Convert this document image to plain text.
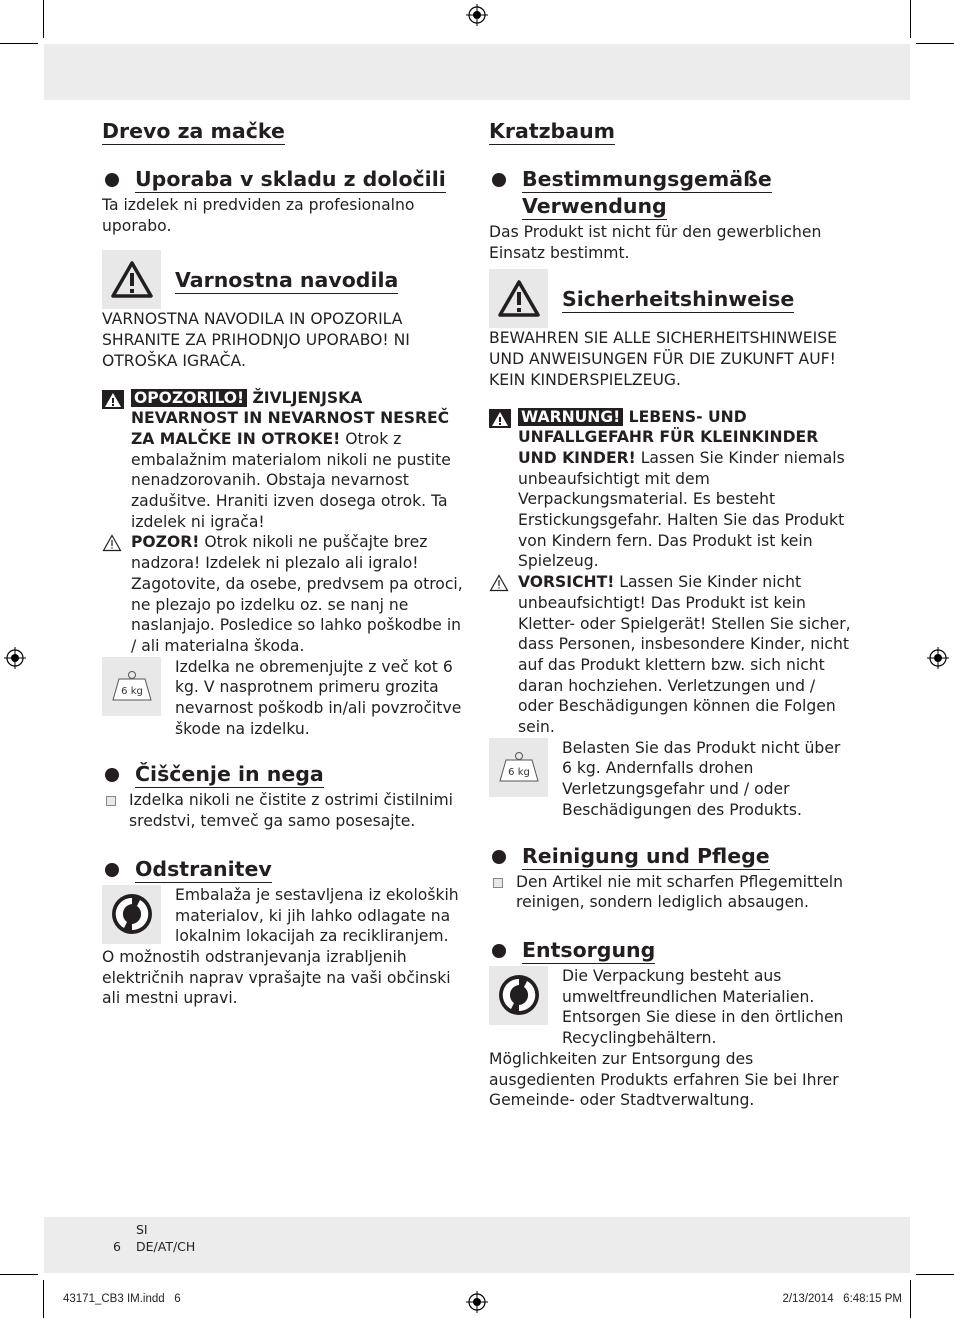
Drevo za mačke
Uporaba v skladu z določili

Ta izdelek ni predviden za profesionalno uporabo.

Varnostna navodila

VARNOSTNA NAVODILA IN OPOZORILA SHRANITE ZA PRIHODNJO UPORABO! NI OTROŠKA IGRAČA.

OPOZORILO! ŽIVLJENJSKA NEVARNOST IN NEVARNOST NESREČ ZA MALČKE IN OTROKE! Otrok z embalažnim materialom nikoli ne pustite nenadzorovanih. Obstaja nevarnost zadušitve. Hraniti izven dosega otrok. Ta izdelek ni igrača!
POZOR! Otrok nikoli ne puščajte brez nadzora! Izdelek ni plezalo ali igralo! Zagotovite, da osebe, predvsem pa otroci, ne plezajo po izdelku oz. se nanj ne naslanjajo. Posledice so lahko poškodbe in / ali materialna škoda.
6 kg

Izdelka ne obremenjujte z več kot 6 kg. V nasprotnem primeru grozita nevarnost poškodb in/ali povzročitve škode na izdelku.

Čiščenje in nega
Izdelka nikoli ne čistite z ostrimi čistilnimi sredstvi, temveč ga samo posesajte.
Odstranitev

Embalaža je sestavljena iz ekoloških materialov, ki jih lahko odlagate na lokalnim lokacijah za recikliranjem.

O možnostih odstranjevanja izrabljenih električnih naprav vprašajte na vaši občinski ali mestni upravi.

Kratzbaum
Bestimmungsgemäße
Verwendung

Das Produkt ist nicht für den gewerblichen Einsatz bestimmt.

Sicherheitshinweise

BEWAHREN SIE ALLE SICHERHEITSHINWEISE UND ANWEISUNGEN FÜR DIE ZUKUNFT AUF! KEIN KINDERSPIELZEUG.

WARNUNG! LEBENS- UND UNFALLGEFAHR FÜR KLEINKINDER UND KINDER! Lassen Sie Kinder niemals unbeaufsichtigt mit dem Verpackungsmaterial. Es besteht Erstickungsgefahr. Halten Sie das Produkt von Kindern fern. Das Produkt ist kein Spielzeug.
VORSICHT! Lassen Sie Kinder nicht unbeaufsichtigt! Das Produkt ist kein Kletter- oder Spielgerät! Stellen Sie sicher, dass Personen, insbesondere Kinder, nicht auf das Produkt klettern bzw. sich nicht daran hochziehen. Verletzungen und / oder Beschädigungen können die Folgen sein.
6 kg

Belasten Sie das Produkt nicht über 6 kg. Andernfalls drohen Verletzungsgefahr und / oder Beschädigungen des Produkts.

Reinigung und Pflege
Den Artikel nie mit scharfen Pflegemitteln reinigen, sondern lediglich absaugen.
Entsorgung

Die Verpackung besteht aus umweltfreundlichen Materialien. Entsorgen Sie diese in den örtlichen Recyclingbehältern.

Möglichkeiten zur Entsorgung des ausgedienten Produkts erfahren Sie bei Ihrer Gemeinde- oder Stadtverwaltung.

6
SI
DE/AT/CH
43171_CB3 IM.indd   6	2/13/2014   6:48:15 PM
